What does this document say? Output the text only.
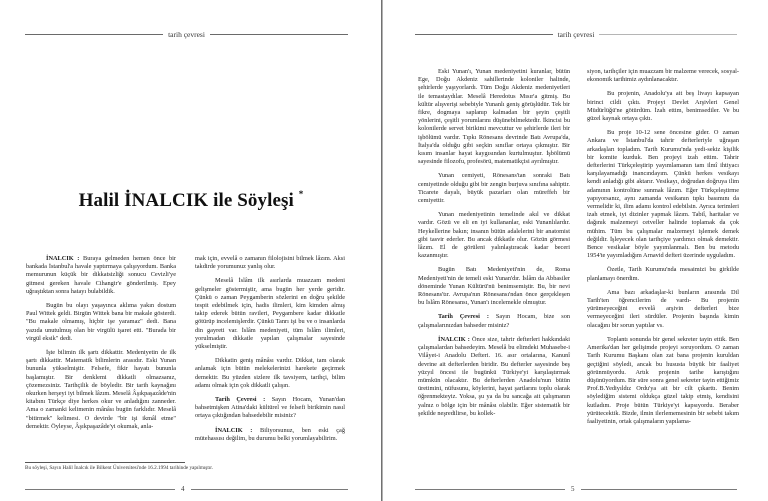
tarih çevresi
Halil İNALCIK ile Söyleşi *

İNALCIK : Buraya gelmeden hemen önce bir bankada İstanbul'a havale yaptırmaya çalışıyordum. Banka memurunun küçük bir dikkatsizliği sonucu Cevizli'ye gitmesi gereken havale Cihangir'e gönderilmiş. Epey uğraştıktan sonra hatayı bulabildik.

Bugün bu olayı yaşayınca aklıma yakın dostum Paul Wittek geldi. Birgün Wittek bana bir makale gösterdi. "Bu makale olmamış, hiçbir işe yaramaz" dedi. Bana yazıda unutulmuş olan bir virgülü işaret etti. "Burada bir virgül eksik" dedi.

İşte bilimin ilk şartı dikkattir. Medeniyetin de ilk şartı dikkattir. Matematik bilimlerin arasıdır. Eski Yunan bununla yükselmiştir. Felsefe, fikir hayatı bununla başlamıştır. Bir denklemi dikkatli olmazsanız, çözemezsiniz. Tarihçilik de böyledir. Bir tarih kaynağını okurken herşeyi iyi bilmek lâzım. Meselâ Âşıkpaşazâde'nin kitabını Türkçe diye herkes okur ve anladığını zanneder. Ama o zamanki kelimenin mânâsı bugün farklıdır. Meselâ "bitirmek" kelimesi. O devirde "bir işi ikmâl etme" demektir. Öyleyse, Âşıkpaşazâde'yi okumak, anla-

mak için, evvelâ o zamanın filolojisini bilmek lâzım. Aksi takdirde yorumunuz yanlış olur.

Meselâ İslâm ilk asırlarda muazzam medeni gelişmeler göstermiştir, ama bugün her yerde geridir. Çünkü o zaman Peygamberin sözlerini en doğru şekilde tespit edebilmek için, hadis ilimleri, kim kimden almış takip ederek bütün ravileri, Peygambere kadar dikkatle götürüp incelemişlerdir. Çünkü Tanrı işi bu ve o insanlarda din gayreti var. İslâm medeniyeti, tüm İslâm ilimleri, yorulmadan dikkatle yapılan çalışmalar sayesinde yükselmiştir.

Dikkatin geniş mânâsı vardır. Dikkat, tam olarak anlamak için bütün melekelerinizi harekete geçirmek demektir. Bu yüzden sizlere ilk tavsiyem, tarihçi, bilim adamı olmak için çok dikkatli çalışın.

Tarih Çevresi : Sayın Hocam, Yunan'dan bahsetmişken Atina'daki kültürel ve felsefi birikimin nasıl ortaya çıktığından bahsedebilir misiniz?

İNALCIK : Biliyorsunuz, ben eski çağ mütehassısı değilim, bu durumu belki yorumlayabilirim.

Bu söyleşi, Sayın Halil İnalcık ile Bilkent Üniversitesi'nde 16.2.1994 tarihinde yapılmıştır.
4
tarih çevresi

Eski Yunan'ı, Yunan medeniyetini kuranlar, bütün Ege, Doğu Akdeniz sahillerinde koloniler halinde, şehirlerde yaşıyorlardı. Tüm Doğu Akdeniz medeniyetleri ile temastaydılar. Meselâ Heredotus Mısır'a gitmiş. Bu kültür alışverişi sebebiyle Yunanlı geniş görüşlüdür. Tek bir fikre, dogmaya saplanıp kalmadan bir şeyin çeşitli yönlerini, çeşitli yorumlarını düşünebilmektedir. İkincisi bu kolonilerde servet birikimi mevcuttur ve şehirlerde ileri bir işbölümü vardır. Tıpkı Rönesans devrinde Batı Avrupa'da, İtalya'da olduğu gibi seçkin sınıflar ortaya çıkmıştır. Bir kısım insanlar hayat kaygısından kurtulmuştur. İşbölümü sayesinde filozofu, profesörü, matematikçisi ayrılmıştır.

Yunan cemiyeti, Rönesans'tan sonraki Batı cemiyetinde olduğu gibi bir zengin burjuva sınıfına sahiptir. Ticarete dayalı, büyük pazarları olan müreffeh bir cemiyettir.

Yunan medeniyetinin temelinde akıl ve dikkat vardır. Gözü ve eli en iyi kullananlar, eski Yunanlılardır. Heykellerine bakın; insanın bütün adalelerini bir anatomist gibi tasvir ederler. Bu ancak dikkatle olur. Gözün görmesi lâzım. El de görüleni yalınlaştıracak kadar beceri kazanmıştır.

Bugün Batı Medeniyeti'nin de, Roma Medeniyeti'nin de temeli eski Yunan'dır. İslâm da Abbasiler döneminde Yunan Kültürü'nü benimsemiştir. Bu, bir nevi Rönesans'tır. Avrupa'nın Rönesansı'ndan önce gerçekleşen bu İslâm Rönesansı, Yunan'ı incelemekle olmuştur.

Tarih Çevresi : Sayın Hocam, bize son çalışmalarınızdan bahseder misiniz?

İNALCIK : Önce size, tahrir defterleri hakkındaki çalışmalardan bahsedeyim. Meselâ bu elimdeki Muhasebe-i Vilâyet-i Anadolu Defteri. 16. asır ortalarına, Kanunî devrine ait defterlerden biridir. Bu defterler sayesinde beş yüzyıl öncesi ile bugünkü Türkiye'yi karşılaştırmak mümkün olacaktır. Bu defterlerden Anadolu'nun bütün üretimini, nüfusunu, köylerini, hayat şartlarını toplu olarak öğrenmekteyiz. Yoksa, şu ya da bu sancağa ait çalışmanın yalnız o bölge için bir mânâsı olabilir. Eğer sistematik bir şekilde neşredilirse, bu kollek-

siyon, tarihçiler için muazzam bir malzeme verecek, sosyal-ekonomik tarihimiz aydınlanacaktır.

Bu projenin, Anadolu'ya ait beş livayı kapsayan birinci cildi çıktı. Projeyi Devlet Arşivleri Genel Müdürlüğü'ne götürdüm. İzah ettim, benimsediler. Ve bu güzel kaynak ortaya çıktı.

Bu proje 10-12 sene öncesine gider. O zaman Ankara ve İstanbul'da tahrir defterleriyle uğraşan arkadaşları topladım. Tarih Kurumu'nda yedi-sekiz kişilik bir komite kurduk. Ben projeyi izah ettim. Tahrir defterlerini Türkçeleştirip yayımlamanın tam ilmî ihtiyacı karşılayamadığı inancındayım. Çünkü herkes vesikayı kendi anladığı gibi aktarır. Vesikayı, doğrudan doğruya ilim adamının kontrolüne sunmak lâzım. Eğer Türkçeleştirme yapıyorsanız, aynı zamanda vesikanın tıpkı basımını da vermelidir ki, ilim adamı kontrol edebilsin. Ayrıca terimleri izah etmek, iyi dizinler yapmak lâzım. Tabiî, haritalar ve dağınık malzemeyi cetveller halinde toplamak da çok mühim. Tüm bu çalışmalar malzemeyi işlemek demek değildir. İşleyecek olan tarihçiye yardımcı olmak demektir. Bence vesikalar böyle yayımlanmalı. Ben bu metodu 1954'te yayımladığım Arnavid defteri üzerinde uyguladım.

Özetle, Tarih Kurumu'nda mesaimizi bu girkilde planlamayı önerdim.

Ama bazı arkadaşlar-ki bunların arasında Dil Tarih'ten öğrencilerim de vardı- Bu projenin yürümeyeceğini evvelâ arşivin defterleri bize vermeyeceğini ileri sürdüler. Projenin başında kimin olacağını bir sorun yaptılar vs.

Toplantı sonunda bir genel sekreter tayin ettik. Ben Amerika'dan her gelişimde projeyi soruyordum. O zaman Tarih Kurumu Başkanı olan zat bana projenin kuruldan geçtiğini söyledi, ancak bu hususta büyük bir faaliyet görünmüyordu. Artık projenin tarihe karıştığını düşünüyordum. Bir süre sonra genel sekreter tayin ettiğimiz Prof.B.Yediyıldız Ordu'ya ait bir cilt çıkarttı. Benim söylediğim sistemi oldukça güzel takip etmiş, kendisini kutladım. Proje bütün Türkiye'yi kapsıyordu. Beraber yürütecektik. Bizde, ilmin ilerlememesinin bir sebebi takım faaliyetinin, ortak çalışmaların yapılama-

5
